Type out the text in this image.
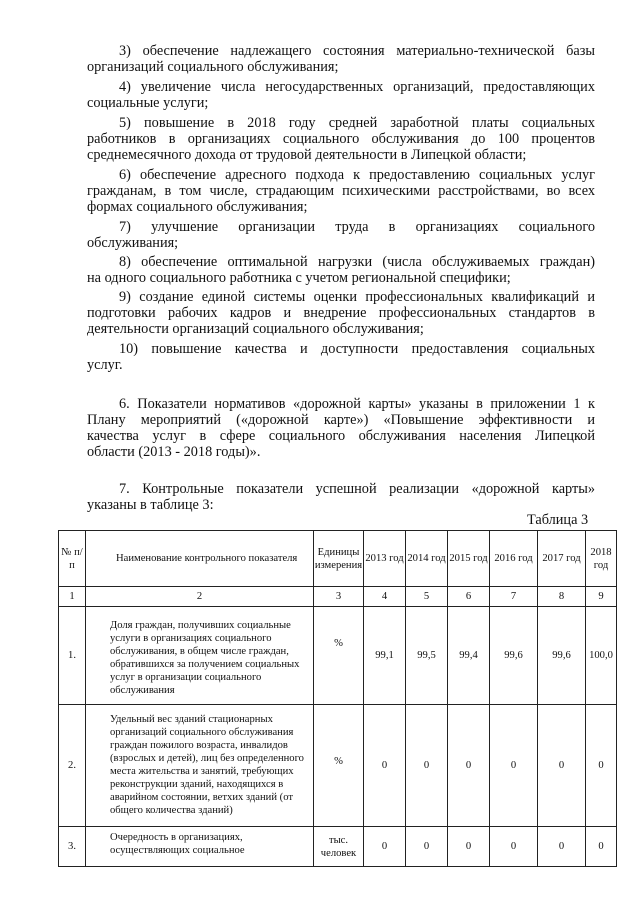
3) обеспечение надлежащего состояния материально-технической базы
организаций социального обслуживания;
4) увеличение числа негосударственных организаций, предоставляющих
социальные услуги;
5) повышение в 2018 году средней заработной платы социальных
работников в организациях социального обслуживания до 100 процентов
среднемесячного дохода от трудовой деятельности в Липецкой области;
6) обеспечение адресного подхода к предоставлению социальных услуг
гражданам, в том числе, страдающим психическими расстройствами, во всех
формах социального обслуживания;
7) улучшение организации труда в организациях социального
обслуживания;
8) обеспечение оптимальной нагрузки (числа обслуживаемых граждан)
на одного социального работника с учетом региональной специфики;
9) создание единой системы оценки профессиональных квалификаций и
подготовки рабочих кадров и внедрение профессиональных стандартов в
деятельности организаций социального обслуживания;
10) повышение качества и доступности предоставления социальных
услуг.
6. Показатели нормативов «дорожной карты» указаны в приложении 1 к
Плану мероприятий («дорожной карте») «Повышение эффективности и
качества услуг в сфере социального обслуживания населения Липецкой
области (2013 - 2018 годы)».
7. Контрольные показатели успешной реализации «дорожной карты»
указаны в таблице 3:
Таблица 3
№ п/п	Наименование контрольного показателя	Единицы измерения	2013 год	2014 год	2015 год	2016 год	2017 год	2018 год
1	2	3	4	5	6	7	8	9
1.	Доля граждан, получивших социальные услуги в организациях социального обслуживания, в общем числе граждан, обратившихся за получением социальных услуг в организации социального обслуживания	%	99,1	99,5	99,4	99,6	99,6	100,0
2.	Удельный вес зданий стационарных организаций социального обслуживания граждан пожилого возраста, инвалидов (взрослых и детей), лиц без определенного места жительства и занятий, требующих реконструкции зданий, находящихся в аварийном состоянии, ветхих зданий (от общего количества зданий)	%	0	0	0	0	0	0
3.	Очередность в организациях, осуществляющих социальное	тыс. человек	0	0	0	0	0	0
